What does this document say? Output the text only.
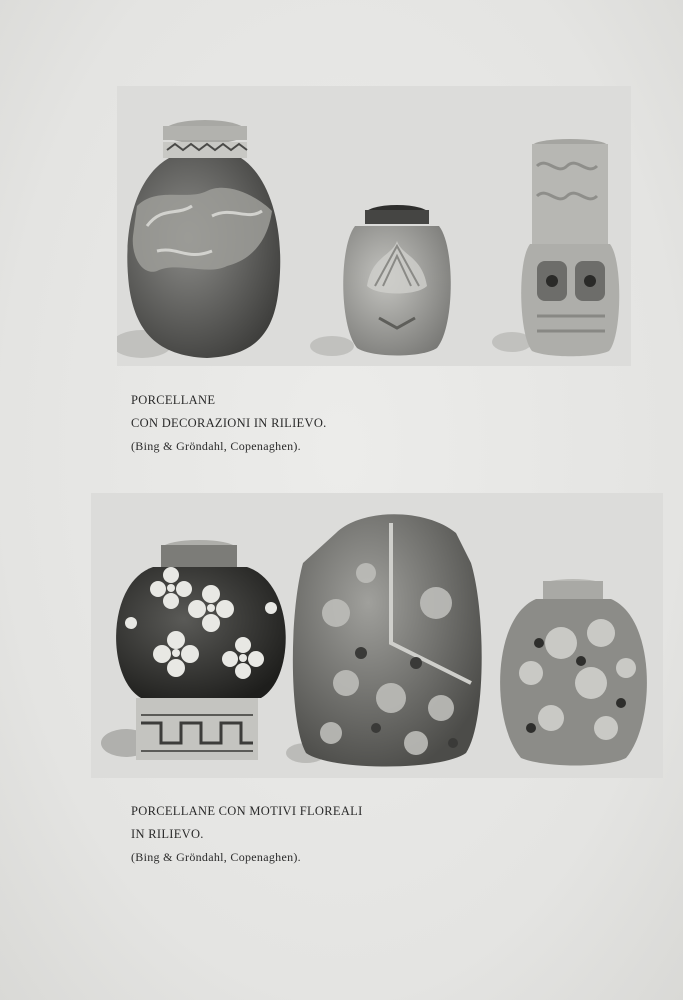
PORCELLANE
CON DECORAZIONI IN RILIEVO.
(Bing & Gröndahl, Copenaghen).
PORCELLANE CON MOTIVI FLOREALI
IN RILIEVO.
(Bing & Gröndahl, Copenaghen).
